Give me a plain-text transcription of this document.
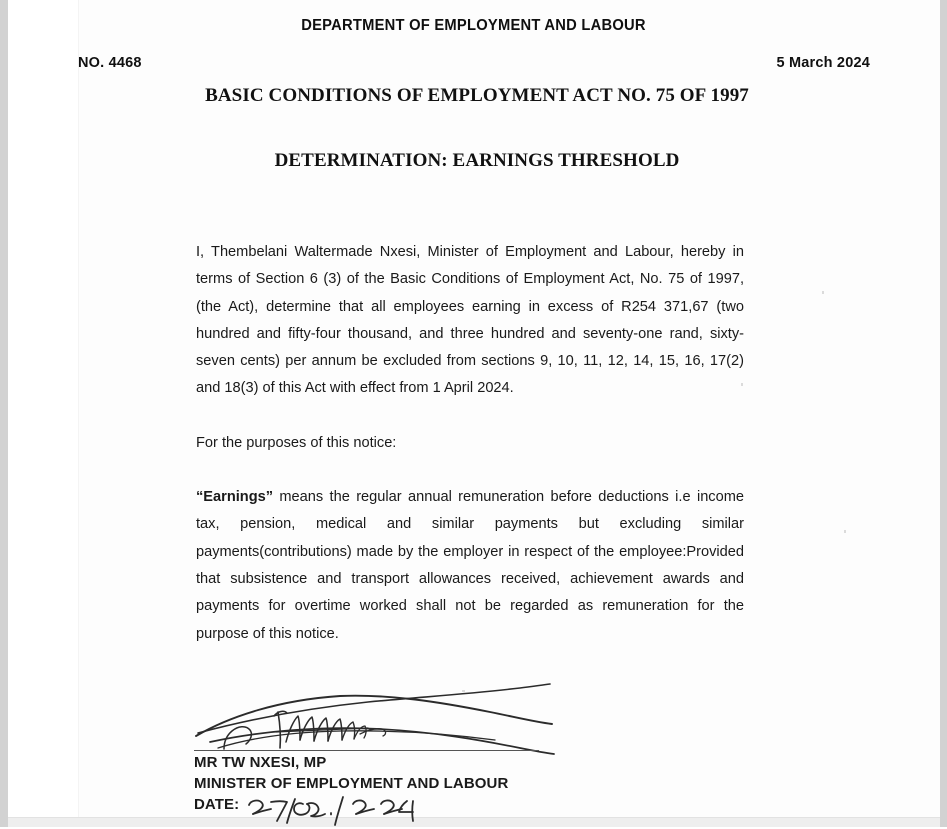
DEPARTMENT OF EMPLOYMENT AND LABOUR
NO. 4468	5 March 2024
BASIC CONDITIONS OF EMPLOYMENT ACT NO. 75 OF 1997
DETERMINATION: EARNINGS THRESHOLD

I, Thembelani Waltermade Nxesi, Minister of Employment and Labour, hereby in terms of Section 6 (3) of the Basic Conditions of Employment Act, No. 75 of 1997, (the Act), determine that all employees earning in excess of R254 371,67 (two hundred and fifty-four thousand, and three hundred and seventy-one rand, sixty-seven cents) per annum be excluded from sections 9, 10, 11, 12, 14, 15, 16, 17(2) and 18(3) of this Act with effect from 1 April 2024.

For the purposes of this notice:

“Earnings” means the regular annual remuneration before deductions i.e income tax, pension, medical and similar payments but excluding similar payments(contributions) made by the employer in respect of the employee:Provided that subsistence and transport allowances received, achievement awards and payments for overtime worked shall not be regarded as remuneration for the purpose of this notice.

MR TW NXESI, MP
MINISTER OF EMPLOYMENT AND LABOUR
DATE:
